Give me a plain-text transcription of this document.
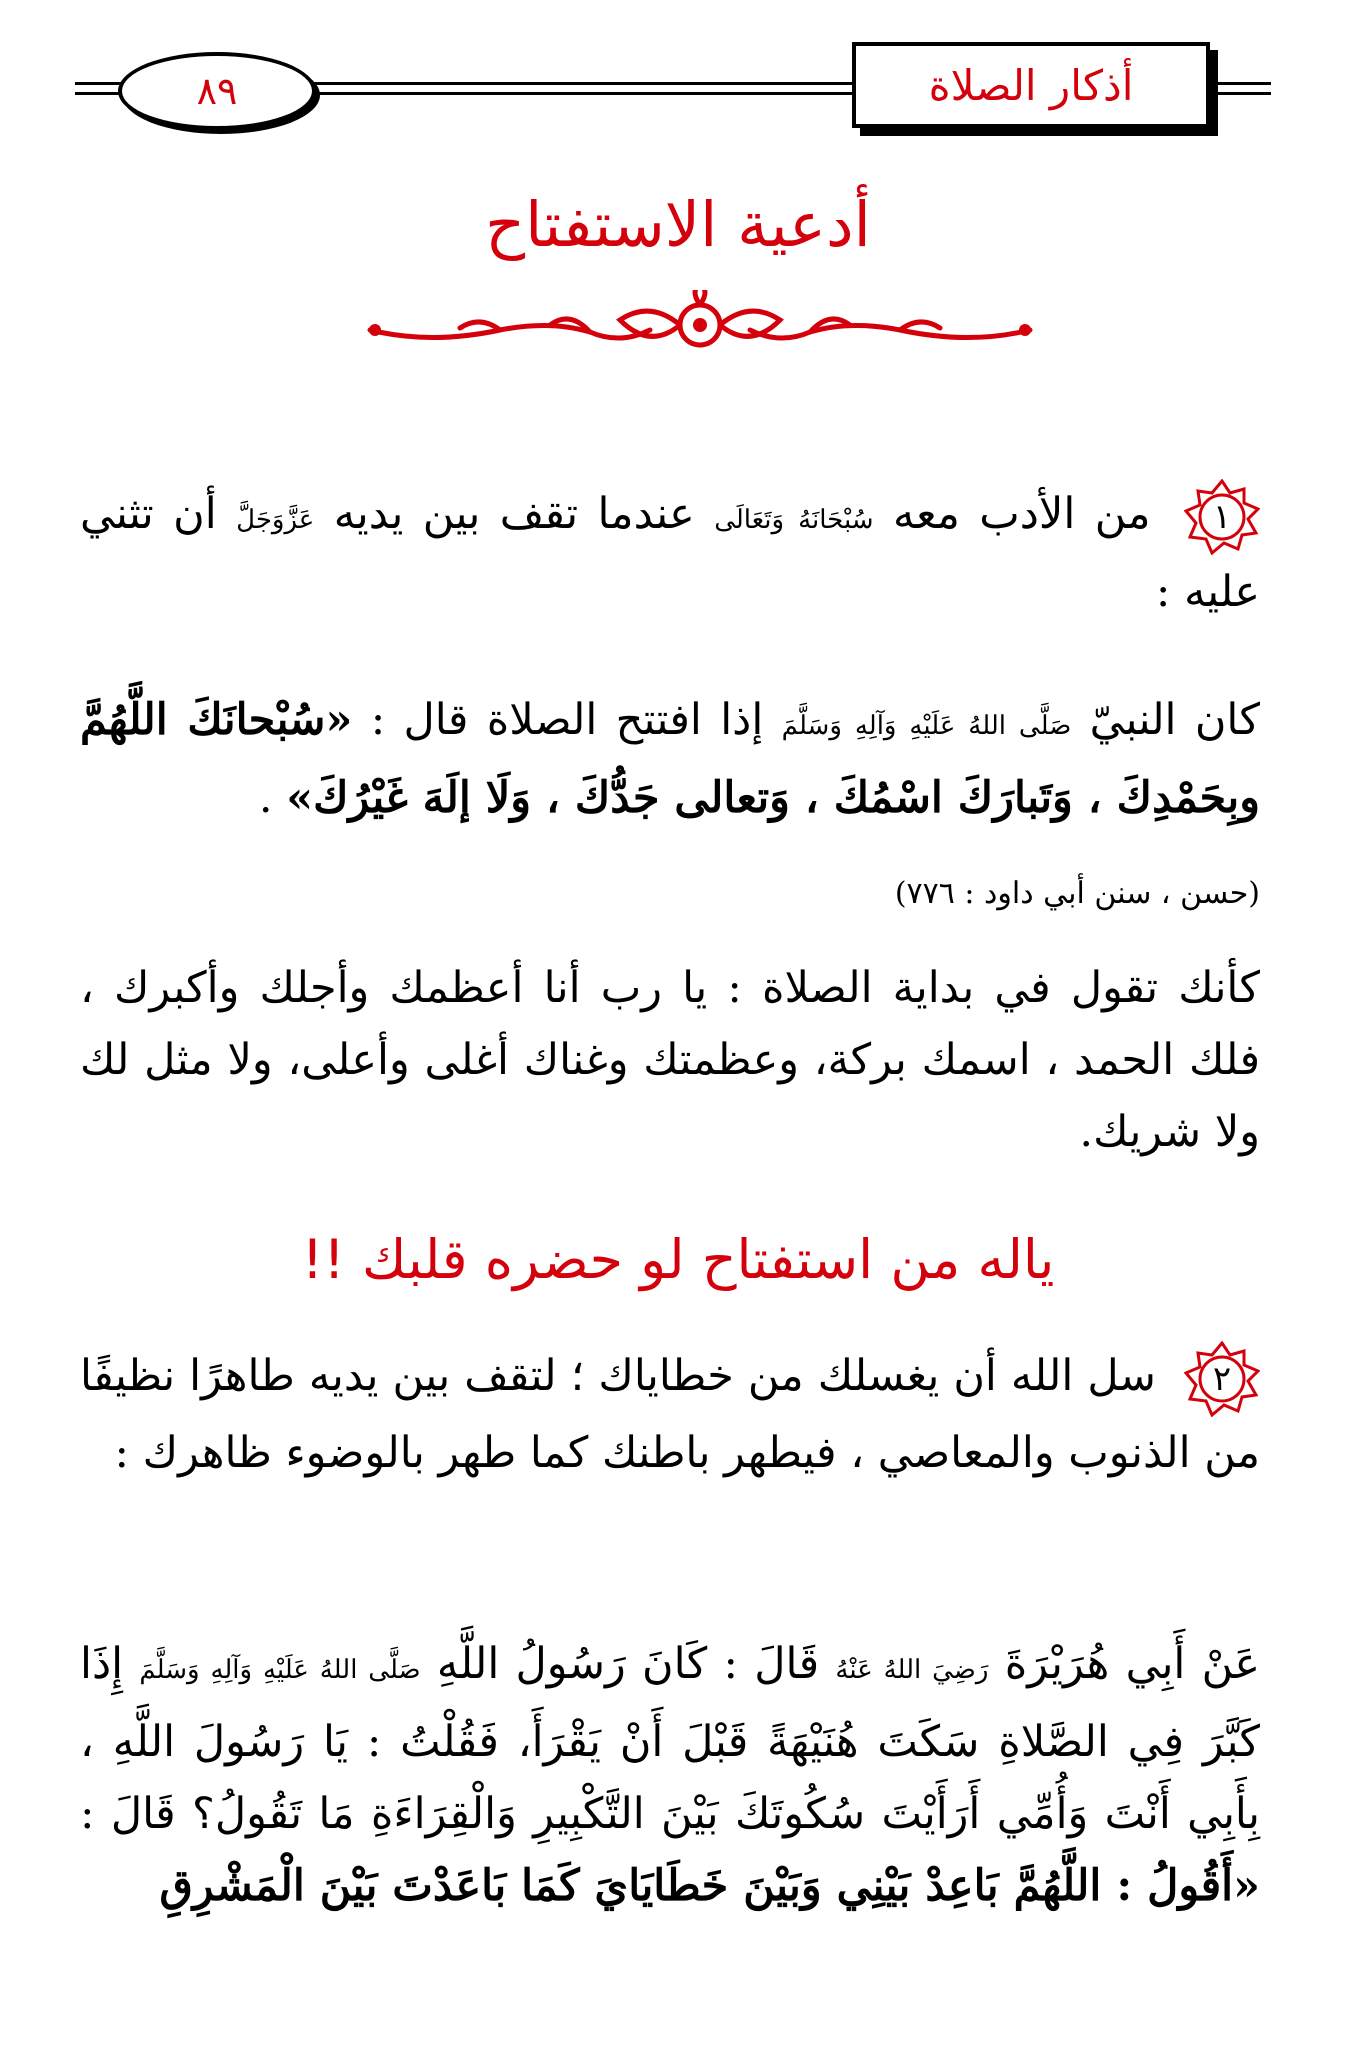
٨٩	أذكار الصلاة
أدعية الاستفتاح
١
من الأدب معه سُبْحَانَهُ وَتَعَالَى عندما تقف بين يديه عَزَّوَجَلَّ أن تثني عليه :
كان النبيّ صَلَّى اللهُ عَلَيْهِ وَآلِهِ وَسَلَّمَ إذا افتتح الصلاة قال : «سُبْحانَكَ اللَّهُمَّ وبِحَمْدِكَ ، وَتَبارَكَ اسْمُكَ ، وَتعالى جَدُّكَ ، وَلَا إلَهَ غَيْرُكَ» .
(حسن ، سنن أبي داود : ٧٧٦)
كأنك تقول في بداية الصلاة : يا رب أنا أعظمك وأجلك وأكبرك ، فلك الحمد ، اسمك بركة، وعظمتك وغناك أغلى وأعلى، ولا مثل لك ولا شريك.
ياله من استفتاح لو حضره قلبك !!
٢
سل الله أن يغسلك من خطاياك ؛ لتقف بين يديه طاهرًا نظيفًا من الذنوب والمعاصي ، فيطهر باطنك كما طهر بالوضوء ظاهرك :
عَنْ أَبِي هُرَيْرَةَ رَضِيَ اللهُ عَنْهُ قَالَ : كَانَ رَسُولُ اللَّهِ صَلَّى اللهُ عَلَيْهِ وَآلِهِ وَسَلَّمَ إِذَا كَبَّرَ فِي الصَّلاةِ سَكَتَ هُنَيْهَةً قَبْلَ أَنْ يَقْرَأَ، فَقُلْتُ : يَا رَسُولَ اللَّهِ ، بِأَبِي أَنْتَ وَأُمِّي أَرَأَيْتَ سُكُوتَكَ بَيْنَ التَّكْبِيرِ وَالْقِرَاءَةِ مَا تَقُولُ؟ قَالَ : «أَقُولُ : اللَّهُمَّ بَاعِدْ بَيْنِي وَبَيْنَ خَطَايَايَ كَمَا بَاعَدْتَ بَيْنَ الْمَشْرِقِ
